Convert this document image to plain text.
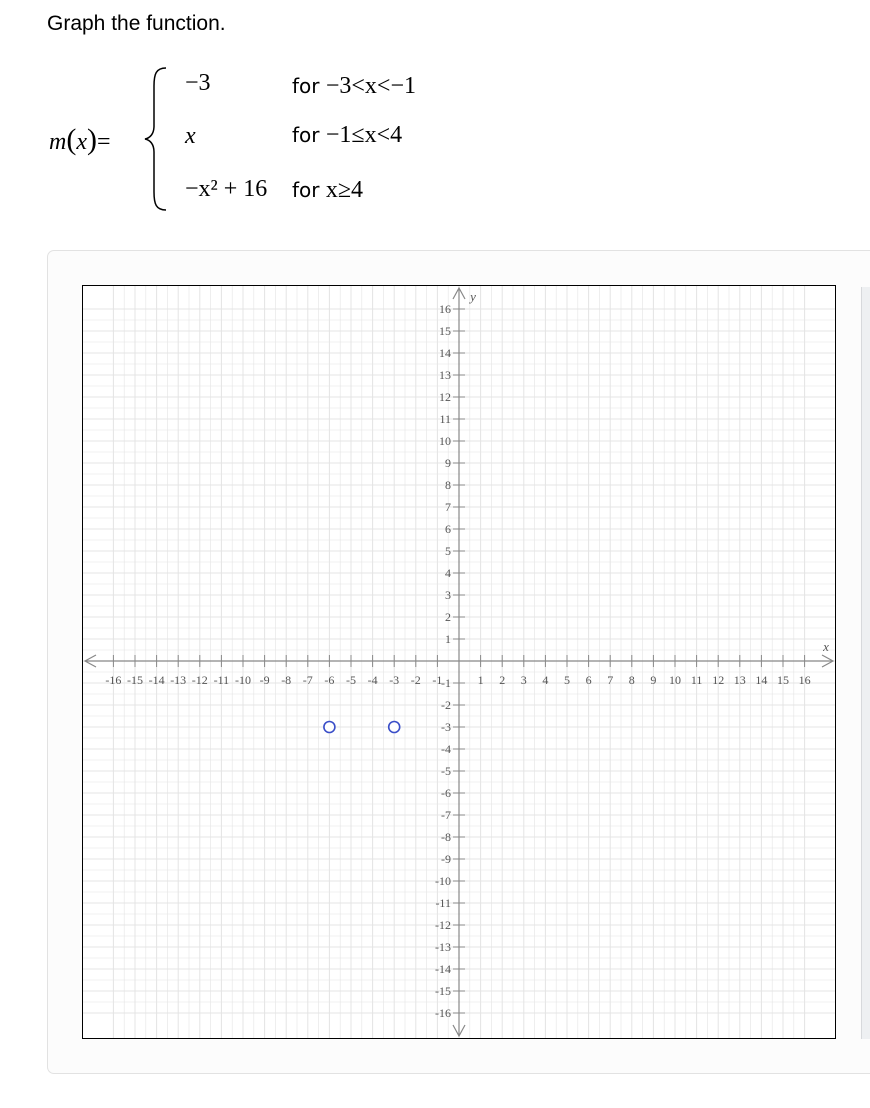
Graph the function.
m(x)=
−3	for −3<x<−1
x	for −1≤x<4
−x² + 16 for x≥4
-16 -15 -14 -13 -12 -11 -10 -9 -8 -7 -6 -5 -4 -3 -2 -1	1 2 3 4 5 6 7 8 9 10 11 12 13 14 15 16
16
15
14
13
12
11
10
9
8
7
6
5
4
3
2
1
-1
-2
-3
-4
-5
-6
-7
-8
-9
-10
-11
-12
-13
-14
-15
-16
x
y
